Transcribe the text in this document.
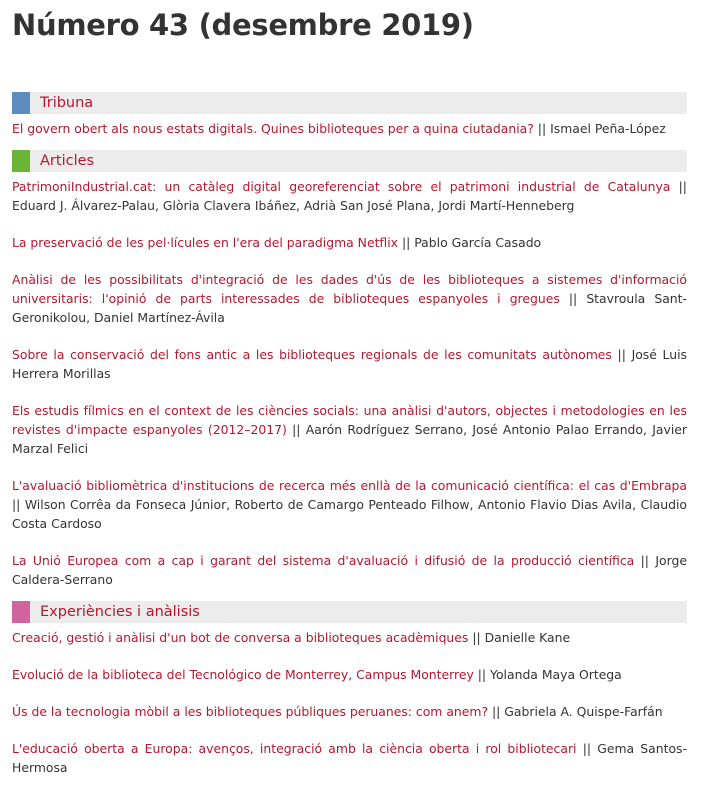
Número 43 (desembre 2019)
Tribuna

El govern obert als nous estats digitals. Quines biblioteques per a quina ciutadania? || Ismael Peña-López

Articles

PatrimoniIndustrial.cat: un catàleg digital georeferenciat sobre el patrimoni industrial de Catalunya || Eduard J. Álvarez-Palau, Glòria Clavera Ibáñez, Adrià San José Plana, Jordi Martí-Henneberg

La preservació de les pel·lícules en l'era del paradigma Netflix || Pablo García Casado

Anàlisi de les possibilitats d'integració de les dades d'ús de les biblioteques a sistemes d'informació universitaris: l'opinió de parts interessades de biblioteques espanyoles i gregues || Stavroula Sant-Geronikolou, Daniel Martínez-Ávila

Sobre la conservació del fons antic a les biblioteques regionals de les comunitats autònomes || José Luis Herrera Morillas

Els estudis fílmics en el context de les ciències socials: una anàlisi d'autors, objectes i metodologies en les revistes d'impacte espanyoles (2012–2017) || Aarón Rodríguez Serrano, José Antonio Palao Errando, Javier Marzal Felici

L'avaluació bibliomètrica d'institucions de recerca més enllà de la comunicació científica: el cas d'Embrapa || Wilson Corrêa da Fonseca Júnior, Roberto de Camargo Penteado Filhow, Antonio Flavio Dias Avila, Claudio Costa Cardoso

La Unió Europea com a cap i garant del sistema d'avaluació i difusió de la producció científica || Jorge Caldera-Serrano

Experiències i anàlisis

Creació, gestió i anàlisi d'un bot de conversa a biblioteques acadèmiques || Danielle Kane

Evolució de la biblioteca del Tecnológico de Monterrey, Campus Monterrey || Yolanda Maya Ortega

Ús de la tecnologia mòbil a les biblioteques públiques peruanes: com anem? || Gabriela A. Quispe-Farfán

L'educació oberta a Europa: avenços, integració amb la ciència oberta i rol bibliotecari || Gema Santos-Hermosa
